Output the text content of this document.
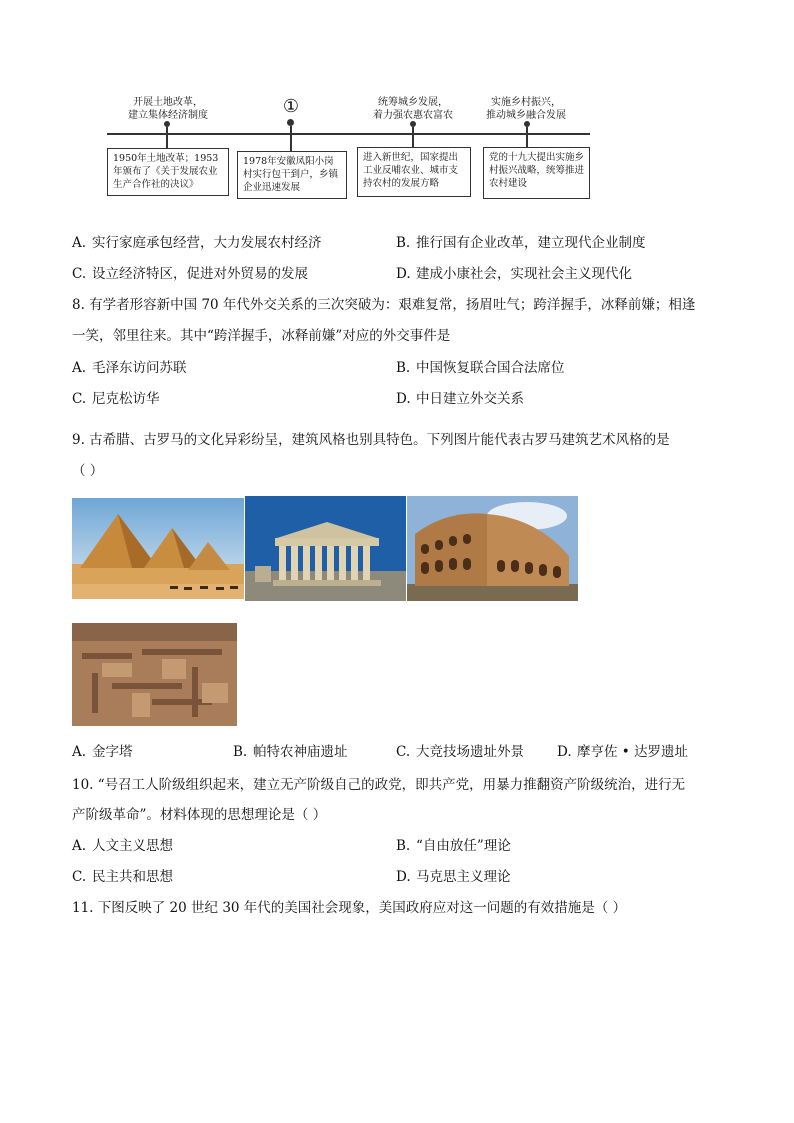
开展土地改革，
建立集体经济制度	①	统筹城乡发展，
着力强农惠农富农
实施乡村振兴，
推动城乡融合发展
1950年土地改革；1953年颁布了《关于发展农业生产合作社的决议》
1978年安徽凤阳小岗村实行包干到户，乡镇企业迅速发展
进入新世纪，国家提出工业反哺农业、城市支持农村的发展方略
党的十九大提出实施乡村振兴战略，统筹推进农村建设
A. 实行家庭承包经营，大力发展农村经济	B. 推行国有企业改革，建立现代企业制度
C. 设立经济特区，促进对外贸易的发展	D. 建成小康社会，实现社会主义现代化
8. 有学者形容新中国 70 年代外交关系的三次突破为：艰难复常，扬眉吐气；跨洋握手，冰释前嫌；相逢
一笑，邻里往来。其中“跨洋握手，冰释前嫌”对应的外交事件是
A. 毛泽东访问苏联	B. 中国恢复联合国合法席位
C. 尼克松访华	D. 中日建立外交关系
9. 古希腊、古罗马的文化异彩纷呈，建筑风格也别具特色。下列图片能代表古罗马建筑艺术风格的是
（ ）
A. 金字塔	B. 帕特农神庙遗址	C. 大竞技场遗址外景 D. 摩亨佐 • 达罗遗址
10. “号召工人阶级组织起来，建立无产阶级自己的政党，即共产党，用暴力推翻资产阶级统治，进行无
产阶级革命”。材料体现的思想理论是（ ）
A. 人文主义思想	B. “自由放任”理论
C. 民主共和思想	D. 马克思主义理论
11. 下图反映了 20 世纪 30 年代的美国社会现象，美国政府应对这一问题的有效措施是（ ）
